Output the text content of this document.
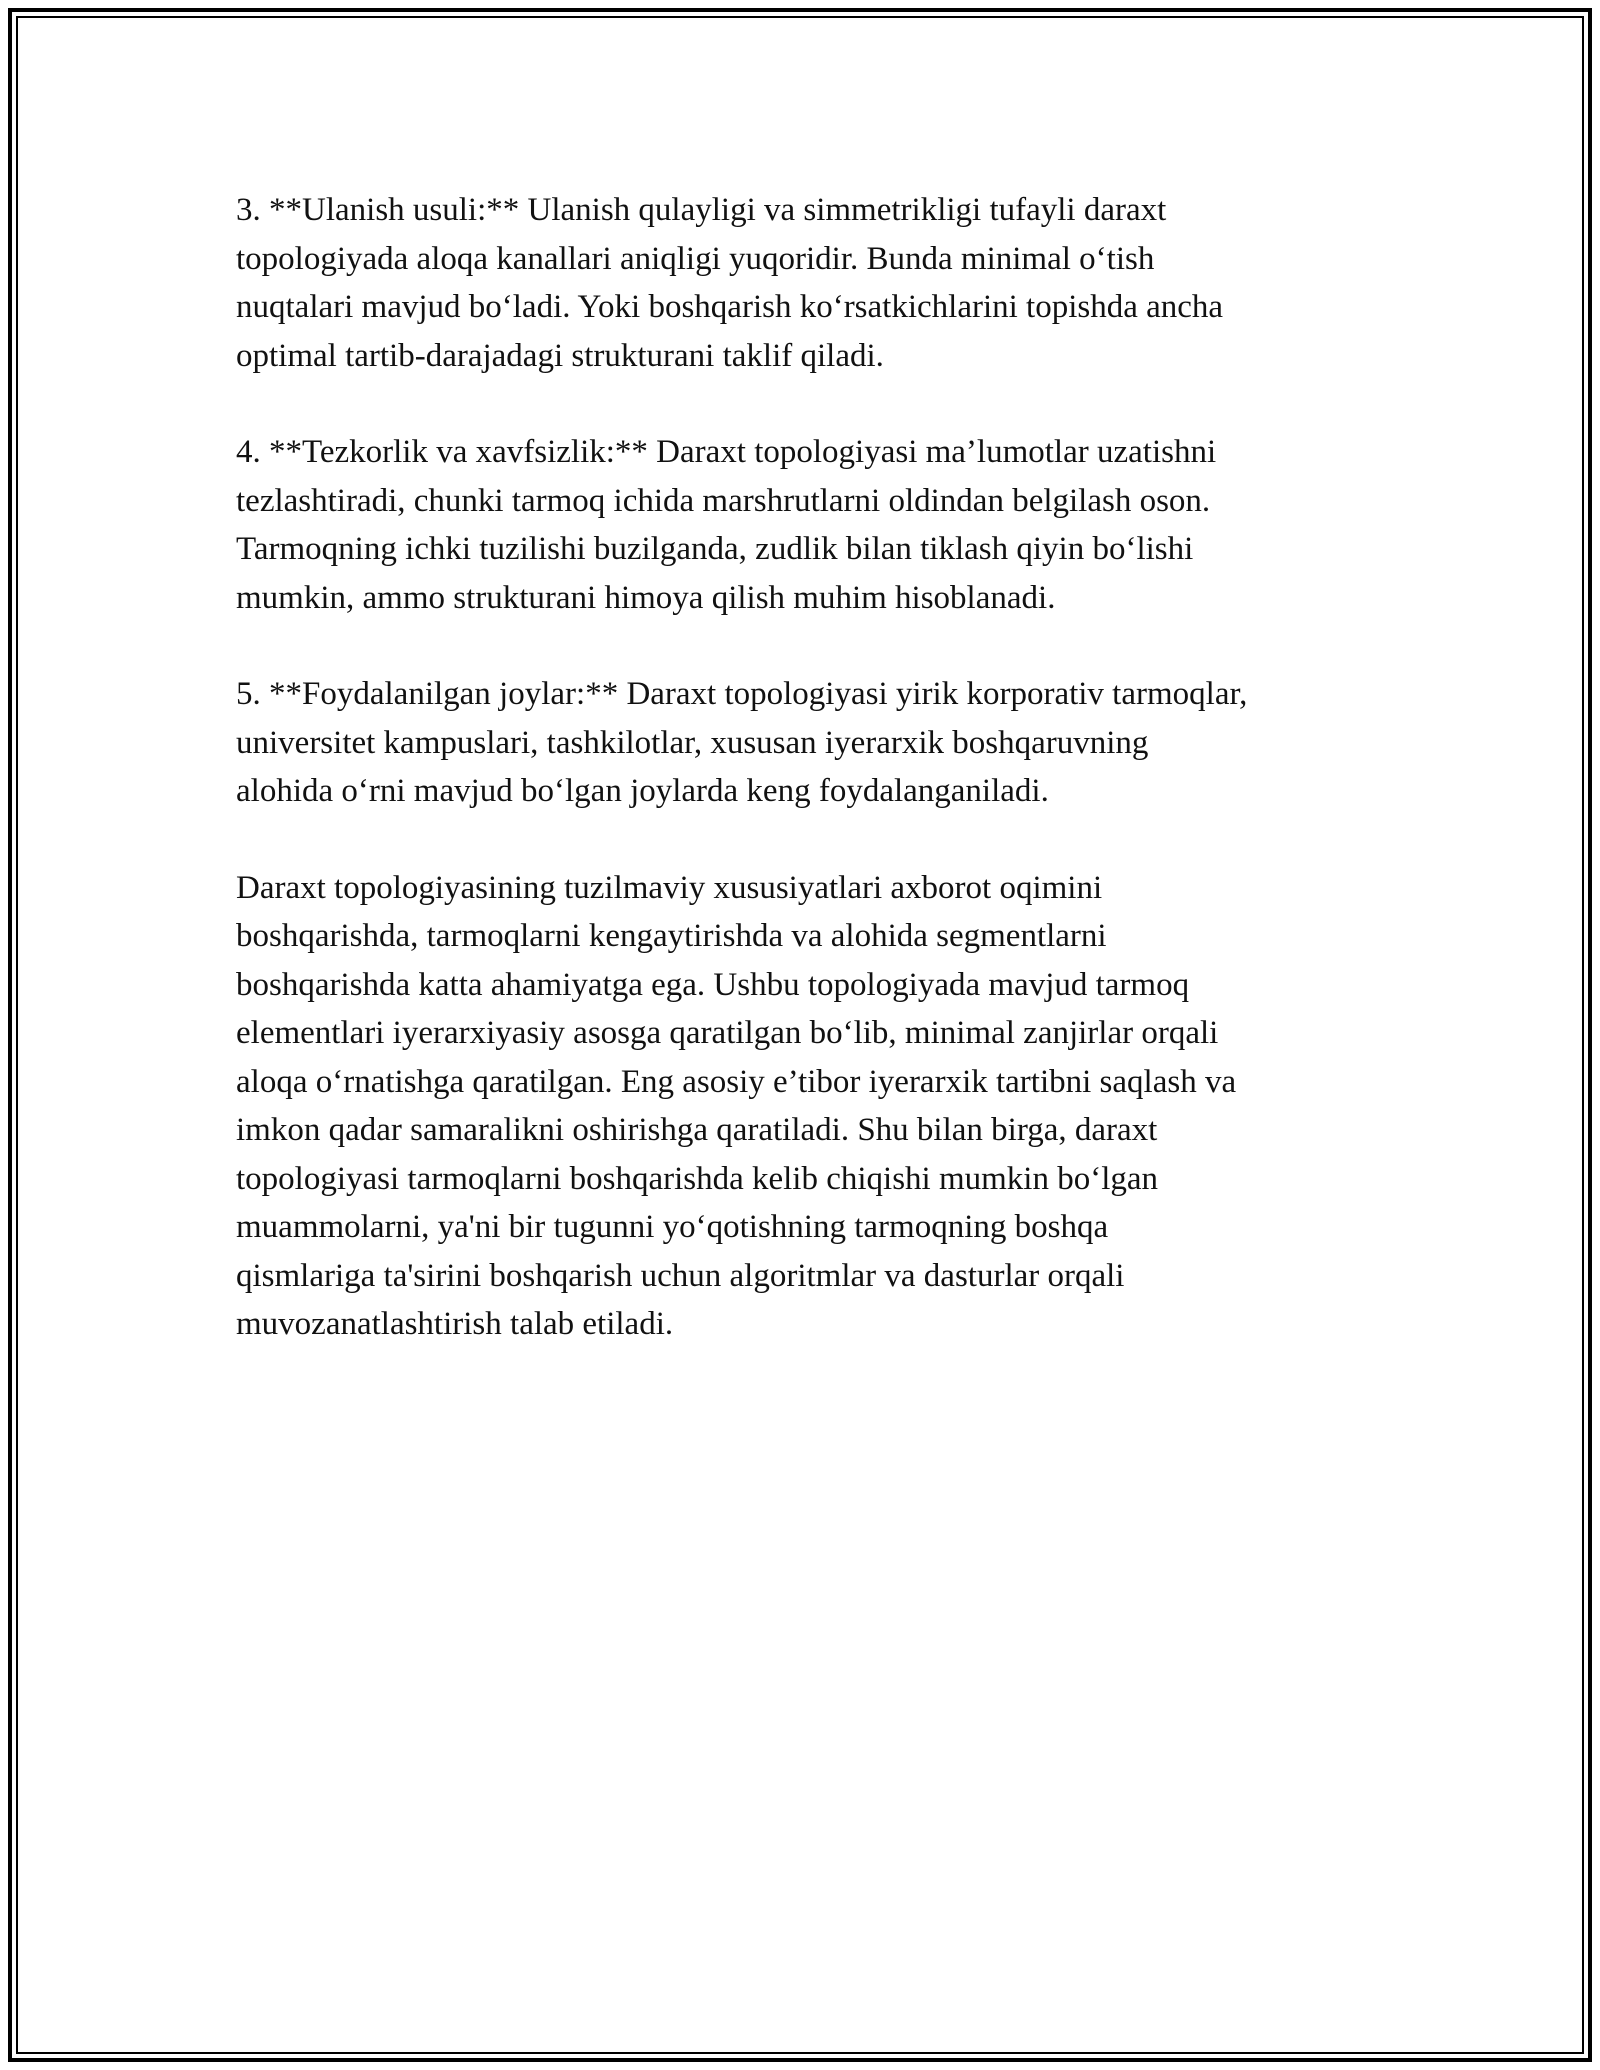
3. **Ulanish usuli:** Ulanish qulayligi va simmetrikligi tufayli daraxt
topologiyada aloqa kanallari aniqligi yuqoridir. Bunda minimal o‘tish
nuqtalari mavjud bo‘ladi. Yoki boshqarish ko‘rsatkichlarini topishda ancha
optimal tartib-darajadagi strukturani taklif qiladi.

4. **Tezkorlik va xavfsizlik:** Daraxt topologiyasi ma’lumotlar uzatishni
tezlashtiradi, chunki tarmoq ichida marshrutlarni oldindan belgilash oson.
Tarmoqning ichki tuzilishi buzilganda, zudlik bilan tiklash qiyin bo‘lishi
mumkin, ammo strukturani himoya qilish muhim hisoblanadi.

5. **Foydalanilgan joylar:** Daraxt topologiyasi yirik korporativ tarmoqlar,
universitet kampuslari, tashkilotlar, xususan iyerarxik boshqaruvning
alohida o‘rni mavjud bo‘lgan joylarda keng foydalanganiladi.

Daraxt topologiyasining tuzilmaviy xususiyatlari axborot oqimini
boshqarishda, tarmoqlarni kengaytirishda va alohida segmentlarni
boshqarishda katta ahamiyatga ega. Ushbu topologiyada mavjud tarmoq
elementlari iyerarxiyasiy asosga qaratilgan bo‘lib, minimal zanjirlar orqali
aloqa o‘rnatishga qaratilgan. Eng asosiy e’tibor iyerarxik tartibni saqlash va
imkon qadar samaralikni oshirishga qaratiladi. Shu bilan birga, daraxt
topologiyasi tarmoqlarni boshqarishda kelib chiqishi mumkin bo‘lgan
muammolarni, ya'ni bir tugunni yo‘qotishning tarmoqning boshqa
qismlariga ta'sirini boshqarish uchun algoritmlar va dasturlar orqali
muvozanatlashtirish talab etiladi.
